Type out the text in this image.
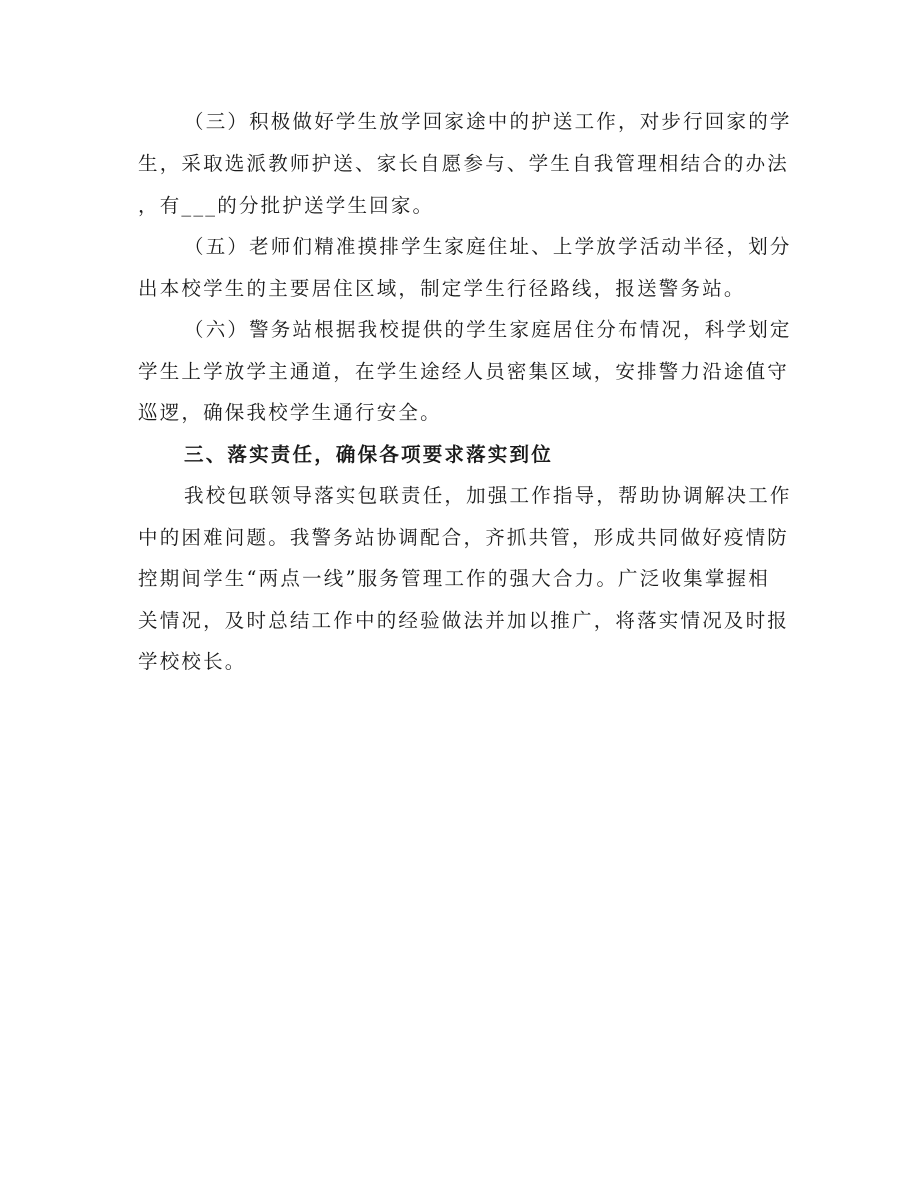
（三）积极做好学生放学回家途中的护送工作，对步行回家的学
生，采取选派教师护送、家长自愿参与、学生自我管理相结合的办法
，有___的分批护送学生回家。
（五）老师们精准摸排学生家庭住址、上学放学活动半径，划分
出本校学生的主要居住区域，制定学生行径路线，报送警务站。
（六）警务站根据我校提供的学生家庭居住分布情况，科学划定
学生上学放学主通道，在学生途经人员密集区域，安排警力沿途值守
巡逻，确保我校学生通行安全。
三、落实责任，确保各项要求落实到位
我校包联领导落实包联责任，加强工作指导，帮助协调解决工作
中的困难问题。我警务站协调配合，齐抓共管，形成共同做好疫情防
控期间学生“两点一线”服务管理工作的强大合力。广泛收集掌握相
关情况，及时总结工作中的经验做法并加以推广，将落实情况及时报
学校校长。
